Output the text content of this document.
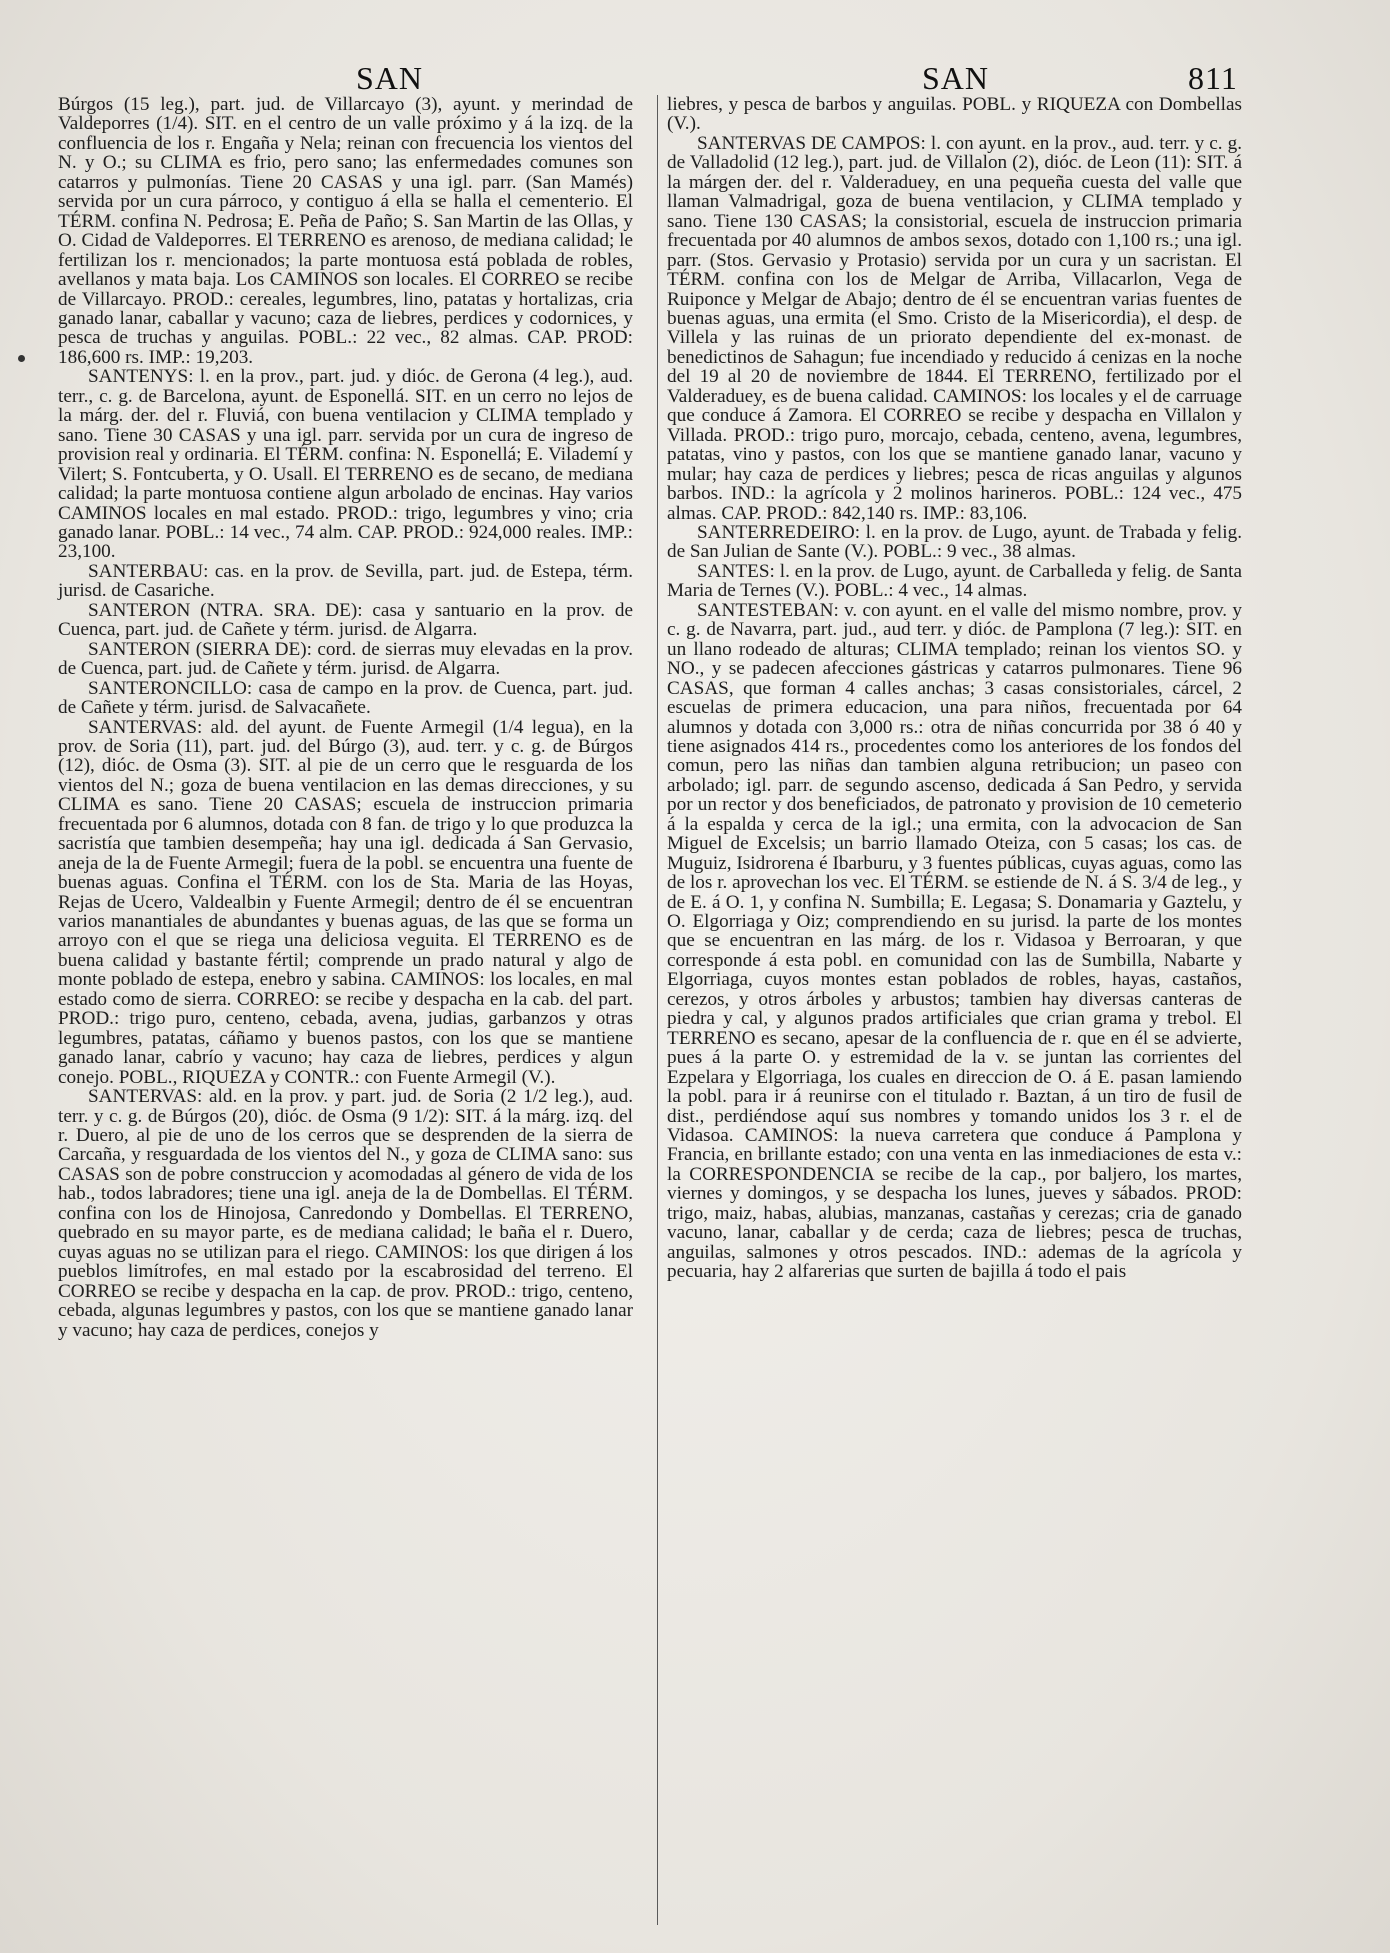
SAN	SAN	811

Búrgos (15 leg.), part. jud. de Villarcayo (3), ayunt. y merindad de Valdeporres (1/4). SIT. en el centro de un valle próximo y á la izq. de la confluencia de los r. Engaña y Nela; reinan con frecuencia los vientos del N. y O.; su CLIMA es frio, pero sano; las enfermedades comunes son catarros y pulmonías. Tiene 20 CASAS y una igl. parr. (San Mamés) servida por un cura párroco, y contiguo á ella se halla el cementerio. El TÉRM. confina N. Pedrosa; E. Peña de Paño; S. San Martin de las Ollas, y O. Cidad de Valdeporres. El TERRENO es arenoso, de mediana calidad; le fertilizan los r. mencionados; la parte montuosa está poblada de robles, avellanos y mata baja. Los CAMINOS son locales. El CORREO se recibe de Villarcayo. PROD.: cereales, legumbres, lino, patatas y hortalizas, cria ganado lanar, caballar y vacuno; caza de liebres, perdices y codornices, y pesca de truchas y anguilas. POBL.: 22 vec., 82 almas. CAP. PROD: 186,600 rs. IMP.: 19,203.

SANTENYS: l. en la prov., part. jud. y dióc. de Gerona (4 leg.), aud. terr., c. g. de Barcelona, ayunt. de Esponellá. SIT. en un cerro no lejos de la márg. der. del r. Fluviá, con buena ventilacion y CLIMA templado y sano. Tiene 30 CASAS y una igl. parr. servida por un cura de ingreso de provision real y ordinaria. El TÉRM. confina: N. Esponellá; E. Vilademí y Vilert; S. Fontcuberta, y O. Usall. El TERRENO es de secano, de mediana calidad; la parte montuosa contiene algun arbolado de encinas. Hay varios CAMINOS locales en mal estado. PROD.: trigo, legumbres y vino; cria ganado lanar. POBL.: 14 vec., 74 alm. CAP. PROD.: 924,000 reales. IMP.: 23,100.

SANTERBAU: cas. en la prov. de Sevilla, part. jud. de Estepa, térm. jurisd. de Casariche.

SANTERON (NTRA. SRA. DE): casa y santuario en la prov. de Cuenca, part. jud. de Cañete y térm. jurisd. de Algarra.

SANTERON (SIERRA DE): cord. de sierras muy elevadas en la prov. de Cuenca, part. jud. de Cañete y térm. jurisd. de Algarra.

SANTERONCILLO: casa de campo en la prov. de Cuenca, part. jud. de Cañete y térm. jurisd. de Salvacañete.

SANTERVAS: ald. del ayunt. de Fuente Armegil (1/4 legua), en la prov. de Soria (11), part. jud. del Búrgo (3), aud. terr. y c. g. de Búrgos (12), dióc. de Osma (3). SIT. al pie de un cerro que le resguarda de los vientos del N.; goza de buena ventilacion en las demas direcciones, y su CLIMA es sano. Tiene 20 CASAS; escuela de instruccion primaria frecuentada por 6 alumnos, dotada con 8 fan. de trigo y lo que produzca la sacristía que tambien desempeña; hay una igl. dedicada á San Gervasio, aneja de la de Fuente Armegil; fuera de la pobl. se encuentra una fuente de buenas aguas. Confina el TÉRM. con los de Sta. Maria de las Hoyas, Rejas de Ucero, Valdealbin y Fuente Armegil; dentro de él se encuentran varios manantiales de abundantes y buenas aguas, de las que se forma un arroyo con el que se riega una deliciosa veguita. El TERRENO es de buena calidad y bastante fértil; comprende un prado natural y algo de monte poblado de estepa, enebro y sabina. CAMINOS: los locales, en mal estado como de sierra. CORREO: se recibe y despacha en la cab. del part. PROD.: trigo puro, centeno, cebada, avena, judias, garbanzos y otras legumbres, patatas, cáñamo y buenos pastos, con los que se mantiene ganado lanar, cabrío y vacuno; hay caza de liebres, perdices y algun conejo. POBL., RIQUEZA y CONTR.: con Fuente Armegil (V.).

SANTERVAS: ald. en la prov. y part. jud. de Soria (2 1/2 leg.), aud. terr. y c. g. de Búrgos (20), dióc. de Osma (9 1/2): SIT. á la márg. izq. del r. Duero, al pie de uno de los cerros que se desprenden de la sierra de Carcaña, y resguardada de los vientos del N., y goza de CLIMA sano: sus CASAS son de pobre construccion y acomodadas al género de vida de los hab., todos labradores; tiene una igl. aneja de la de Dombellas. El TÉRM. confina con los de Hinojosa, Canredondo y Dombellas. El TERRENO, quebrado en su mayor parte, es de mediana calidad; le baña el r. Duero, cuyas aguas no se utilizan para el riego. CAMINOS: los que dirigen á los pueblos limítrofes, en mal estado por la escabrosidad del terreno. El CORREO se recibe y despacha en la cap. de prov. PROD.: trigo, centeno, cebada, algunas legumbres y pastos, con los que se mantiene ganado lanar y vacuno; hay caza de perdices, conejos y

liebres, y pesca de barbos y anguilas. POBL. y RIQUEZA con Dombellas (V.).

SANTERVAS DE CAMPOS: l. con ayunt. en la prov., aud. terr. y c. g. de Valladolid (12 leg.), part. jud. de Villalon (2), dióc. de Leon (11): SIT. á la márgen der. del r. Valderaduey, en una pequeña cuesta del valle que llaman Valmadrigal, goza de buena ventilacion, y CLIMA templado y sano. Tiene 130 CASAS; la consistorial, escuela de instruccion primaria frecuentada por 40 alumnos de ambos sexos, dotado con 1,100 rs.; una igl. parr. (Stos. Gervasio y Protasio) servida por un cura y un sacristan. El TÉRM. confina con los de Melgar de Arriba, Villacarlon, Vega de Ruiponce y Melgar de Abajo; dentro de él se encuentran varias fuentes de buenas aguas, una ermita (el Smo. Cristo de la Misericordia), el desp. de Villela y las ruinas de un priorato dependiente del ex-monast. de benedictinos de Sahagun; fue incendiado y reducido á cenizas en la noche del 19 al 20 de noviembre de 1844. El TERRENO, fertilizado por el Valderaduey, es de buena calidad. CAMINOS: los locales y el de carruage que conduce á Zamora. El CORREO se recibe y despacha en Villalon y Villada. PROD.: trigo puro, morcajo, cebada, centeno, avena, legumbres, patatas, vino y pastos, con los que se mantiene ganado lanar, vacuno y mular; hay caza de perdices y liebres; pesca de ricas anguilas y algunos barbos. IND.: la agrícola y 2 molinos harineros. POBL.: 124 vec., 475 almas. CAP. PROD.: 842,140 rs. IMP.: 83,106.

SANTERREDEIRO: l. en la prov. de Lugo, ayunt. de Trabada y felig. de San Julian de Sante (V.). POBL.: 9 vec., 38 almas.

SANTES: l. en la prov. de Lugo, ayunt. de Carballeda y felig. de Santa Maria de Ternes (V.). POBL.: 4 vec., 14 almas.

SANTESTEBAN: v. con ayunt. en el valle del mismo nombre, prov. y c. g. de Navarra, part. jud., aud terr. y dióc. de Pamplona (7 leg.): SIT. en un llano rodeado de alturas; CLIMA templado; reinan los vientos SO. y NO., y se padecen afecciones gástricas y catarros pulmonares. Tiene 96 CASAS, que forman 4 calles anchas; 3 casas consistoriales, cárcel, 2 escuelas de primera educacion, una para niños, frecuentada por 64 alumnos y dotada con 3,000 rs.: otra de niñas concurrida por 38 ó 40 y tiene asignados 414 rs., procedentes como los anteriores de los fondos del comun, pero las niñas dan tambien alguna retribucion; un paseo con arbolado; igl. parr. de segundo ascenso, dedicada á San Pedro, y servida por un rector y dos beneficiados, de patronato y provision de 10 cemeterio á la espalda y cerca de la igl.; una ermita, con la advocacion de San Miguel de Excelsis; un barrio llamado Oteiza, con 5 casas; los cas. de Muguiz, Isidrorena é Ibarburu, y 3 fuentes públicas, cuyas aguas, como las de los r. aprovechan los vec. El TÉRM. se estiende de N. á S. 3/4 de leg., y de E. á O. 1, y confina N. Sumbilla; E. Legasa; S. Donamaria y Gaztelu, y O. Elgorriaga y Oiz; comprendiendo en su jurisd. la parte de los montes que se encuentran en las márg. de los r. Vidasoa y Berroaran, y que corresponde á esta pobl. en comunidad con las de Sumbilla, Nabarte y Elgorriaga, cuyos montes estan poblados de robles, hayas, castaños, cerezos, y otros árboles y arbustos; tambien hay diversas canteras de piedra y cal, y algunos prados artificiales que crian grama y trebol. El TERRENO es secano, apesar de la confluencia de r. que en él se advierte, pues á la parte O. y estremidad de la v. se juntan las corrientes del Ezpelara y Elgorriaga, los cuales en direccion de O. á E. pasan lamiendo la pobl. para ir á reunirse con el titulado r. Baztan, á un tiro de fusil de dist., perdiéndose aquí sus nombres y tomando unidos los 3 r. el de Vidasoa. CAMINOS: la nueva carretera que conduce á Pamplona y Francia, en brillante estado; con una venta en las inmediaciones de esta v.: la CORRESPONDENCIA se recibe de la cap., por baljero, los martes, viernes y domingos, y se despacha los lunes, jueves y sábados. PROD: trigo, maiz, habas, alubias, manzanas, castañas y cerezas; cria de ganado vacuno, lanar, caballar y de cerda; caza de liebres; pesca de truchas, anguilas, salmones y otros pescados. IND.: ademas de la agrícola y pecuaria, hay 2 alfarerias que surten de bajilla á todo el pais
